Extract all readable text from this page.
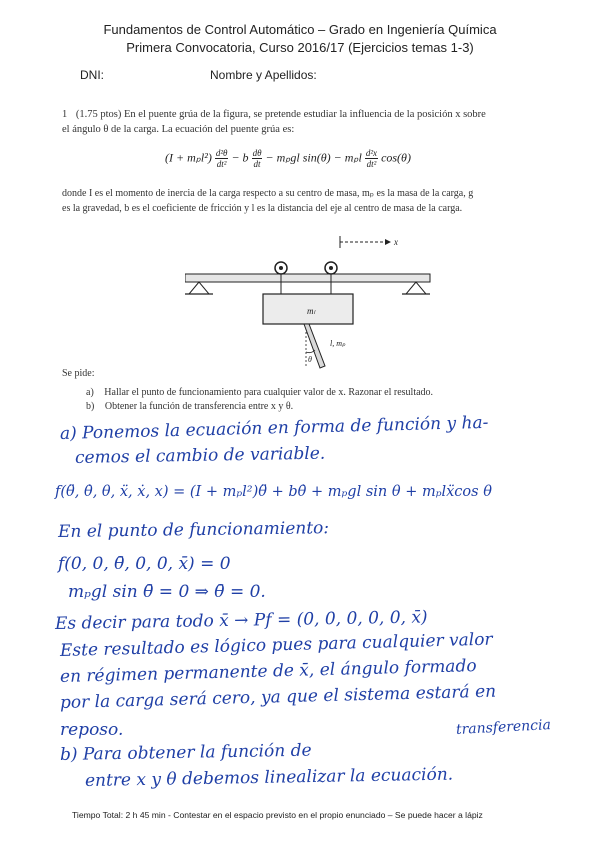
Fundamentos de Control Automático – Grado en Ingeniería Química
Primera Convocatoria, Curso 2016/17 (Ejercicios temas 1-3)
DNI:	Nombre y Apellidos:
1 (1.75 ptos) En el puente grúa de la figura, se pretende estudiar la influencia de la posición x sobre
el ángulo θ de la carga. La ecuación del puente grúa es:
$(I + m_pl^2) \frac{\text{d²θ}}{\text{dt²}} - b \frac{d\theta}{dt} - m_pgl$ sin(θ) − mₚl $\frac{\text{d²x}}{\text{dt²}} \cos(\theta)$
donde I es el momento de inercia de la carga respecto a su centro de masa, mₚ es la masa de la carga, g
es la gravedad, b es el coeficiente de fricción y l es la distancia del eje al centro de masa de la carga.
x
mₗ
θ
l, mₚ
Se pide:
a) Hallar el punto de funcionamiento para cualquier valor de x. Razonar el resultado.
b) Obtener la función de transferencia entre x y θ.
a) Ponemos la ecuación en forma de función y ha-
cemos el cambio de variable.
f(θ̈, θ̇, θ, ẍ, ẋ, x) = (I + mₚl²)θ̈ + bθ̇ + mₚgl sin θ + mₚlẍcos θ
En el punto de funcionamiento:
f(0, 0, θ̄, 0, 0, x̄) = 0
mₚgl sin θ̄ = 0 ⇒ θ̄ = 0.
Es decir para todo x̄ → Pf = (0, 0, 0, 0, 0, x̄)
Este resultado es lógico pues para cualquier valor
en régimen permanente de x̄, el ángulo formado
por la carga será cero, ya que el sistema estará en
reposo.
b) Para obtener la función de
transferencia
entre x y θ debemos linealizar la ecuación.
Tiempo Total: 2 h 45 min - Contestar en el espacio previsto en el propio enunciado – Se puede hacer a lápiz
